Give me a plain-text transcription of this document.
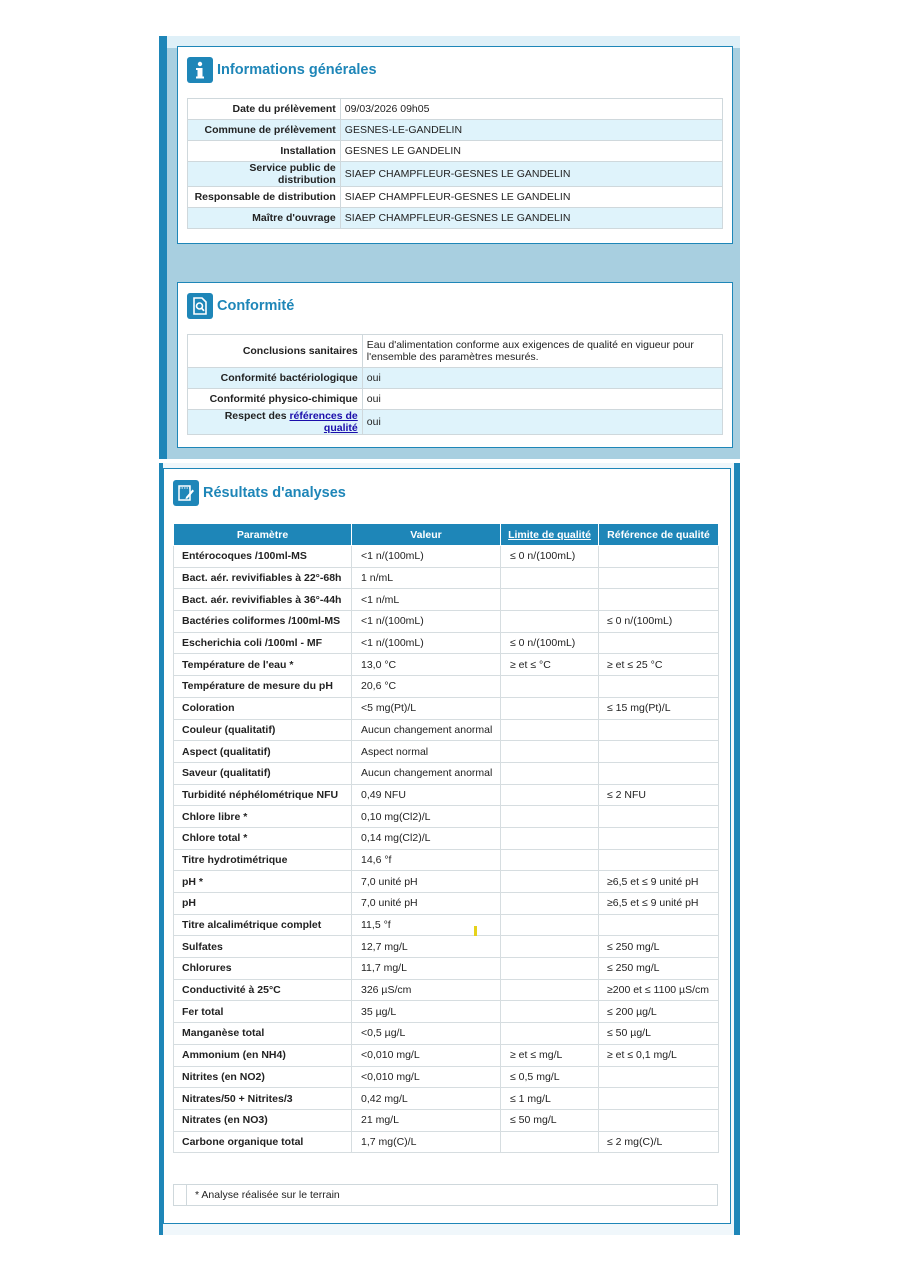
Informations générales
Date du prélèvement	09/03/2026 09h05
Commune de prélèvement	GESNES-LE-GANDELIN
Installation	GESNES LE GANDELIN
Service public de distribution	SIAEP CHAMPFLEUR-GESNES LE GANDELIN
Responsable de distribution	SIAEP CHAMPFLEUR-GESNES LE GANDELIN
Maître d'ouvrage	SIAEP CHAMPFLEUR-GESNES LE GANDELIN
Conformité
Conclusions sanitaires	Eau d'alimentation conforme aux exigences de qualité en vigueur pour l'ensemble des paramètres mesurés.
Conformité bactériologique	oui
Conformité physico-chimique	oui
Respect des références de qualité	oui
Résultats d'analyses
Paramètre	Valeur	Limite de qualité	Référence de qualité
Entérocoques /100ml-MS	<1 n/(100mL)	≤ 0 n/(100mL)	
Bact. aér. revivifiables à 22°-68h	1 n/mL		
Bact. aér. revivifiables à 36°-44h	<1 n/mL		
Bactéries coliformes /100ml-MS	<1 n/(100mL)		≤ 0 n/(100mL)
Escherichia coli /100ml - MF	<1 n/(100mL)	≤ 0 n/(100mL)	
Température de l'eau *	13,0 °C	≥ et ≤ °C	≥ et ≤ 25 °C
Température de mesure du pH	20,6 °C		
Coloration	<5 mg(Pt)/L		≤ 15 mg(Pt)/L
Couleur (qualitatif)	Aucun changement anormal		
Aspect (qualitatif)	Aspect normal		
Saveur (qualitatif)	Aucun changement anormal		
Turbidité néphélométrique NFU	0,49 NFU		≤ 2 NFU
Chlore libre *	0,10 mg(Cl2)/L		
Chlore total *	0,14 mg(Cl2)/L		
Titre hydrotimétrique	14,6 °f		
pH *	7,0 unité pH		≥6,5 et ≤ 9 unité pH
pH	7,0 unité pH		≥6,5 et ≤ 9 unité pH
Titre alcalimétrique complet	11,5 °f		
Sulfates	12,7 mg/L		≤ 250 mg/L
Chlorures	11,7 mg/L		≤ 250 mg/L
Conductivité à 25°C	326 µS/cm		≥200 et ≤ 1100 µS/cm
Fer total	35 µg/L		≤ 200 µg/L
Manganèse total	<0,5 µg/L		≤ 50 µg/L
Ammonium (en NH4)	<0,010 mg/L	≥ et ≤ mg/L	≥ et ≤ 0,1 mg/L
Nitrites (en NO2)	<0,010 mg/L	≤ 0,5 mg/L	
Nitrates/50 + Nitrites/3	0,42 mg/L	≤ 1 mg/L	
Nitrates (en NO3)	21 mg/L	≤ 50 mg/L	
Carbone organique total	1,7 mg(C)/L		≤ 2 mg(C)/L
* Analyse réalisée sur le terrain
